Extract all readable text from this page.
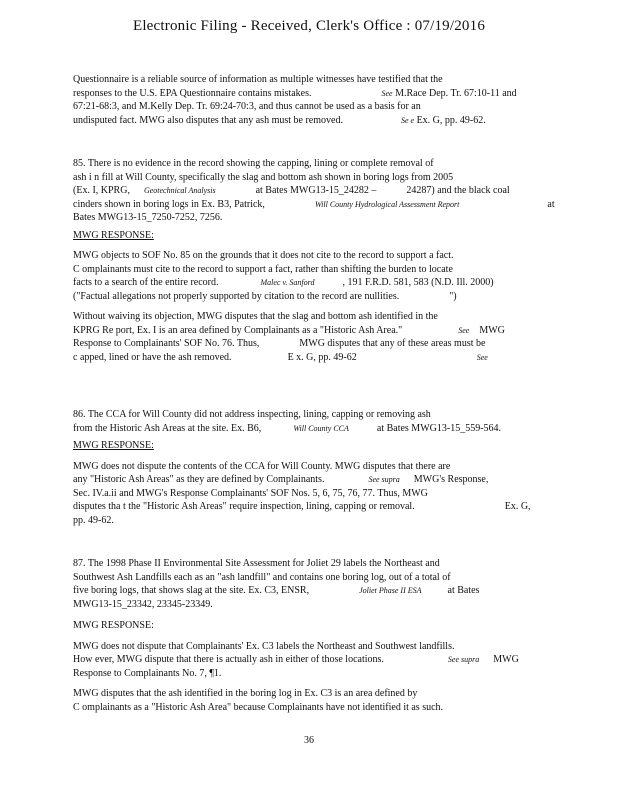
Electronic Filing - Received, Clerk's Office : 07/19/2016

Questionnaire is a reliable source of information as multiple witnesses have testified that the

responses to the U.S. EPA Questionnaire contains mistakes.	See M.Race Dep. Tr. 67:10-11 and

67:21-68:3, and M.Kelly Dep. Tr. 69:24-70:3, and thus cannot be used as a basis for an

undisputed fact. MWG also disputes that any ash must be removed.	Se e Ex. G, pp. 49-62.

85. There is no evidence in the record showing the capping, lining or complete removal of

ash i n fill at Will County, specifically the slag and bottom ash shown in boring logs from 2005

(Ex. I, KPRG, Geotechnical Analysis	at Bates MWG13-15_24282 –	24287) and the black coal

cinders shown in boring logs in Ex. B3, Patrick,	Will County Hydrological Assessment Report	at

Bates MWG13-15_7250-7252, 7256.

MWG RESPONSE:

MWG objects to SOF No. 85 on the grounds that it does not cite to the record to support a fact.

C omplainants must cite to the record to support a fact, rather than shifting the burden to locate

facts to a search of the entire record.	Malec v. Sanford	, 191 F.R.D. 581, 583 (N.D. Ill. 2000)

("Factual allegations not properly supported by citation to the record are nullities.	")

Without waiving its objection, MWG disputes that the slag and bottom ash identified in the

KPRG Re port, Ex. I is an area defined by Complainants as a "Historic Ash Area."	See MWG

Response to Complainants' SOF No. 76. Thus,	MWG disputes that any of these areas must be

c apped, lined or have the ash removed.	E x. G, pp. 49-62	See

86. The CCA for Will County did not address inspecting, lining, capping or removing ash

from the Historic Ash Areas at the site. Ex. B6,	Will County CCA	at Bates MWG13-15_559-564.

MWG RESPONSE:

MWG does not dispute the contents of the CCA for Will County. MWG disputes that there are

any "Historic Ash Areas" as they are defined by Complainants.	See supra MWG's Response,

Sec. IV.a.ii and MWG's Response Complainants' SOF Nos. 5, 6, 75, 76, 77. Thus, MWG

disputes tha t the "Historic Ash Areas" require inspection, lining, capping or removal.	Ex. G,

pp. 49-62.

87. The 1998 Phase II Environmental Site Assessment for Joliet 29 labels the Northeast and

Southwest Ash Landfills each as an "ash landfill" and contains one boring log, out of a total of

five boring logs, that shows slag at the site. Ex. C3, ENSR,	Joliet Phase II ESA	at Bates

MWG13-15_23342, 23345-23349.

MWG RESPONSE:

MWG does not dispute that Complainants' Ex. C3 labels the Northeast and Southwest landfills.

How ever, MWG dispute that there is actually ash in either of those locations.	See supra MWG

Response to Complainants No. 7, ¶1.

MWG disputes that the ash identified in the boring log in Ex. C3 is an area defined by

C omplainants as a "Historic Ash Area" because Complainants have not identified it as such.

36
